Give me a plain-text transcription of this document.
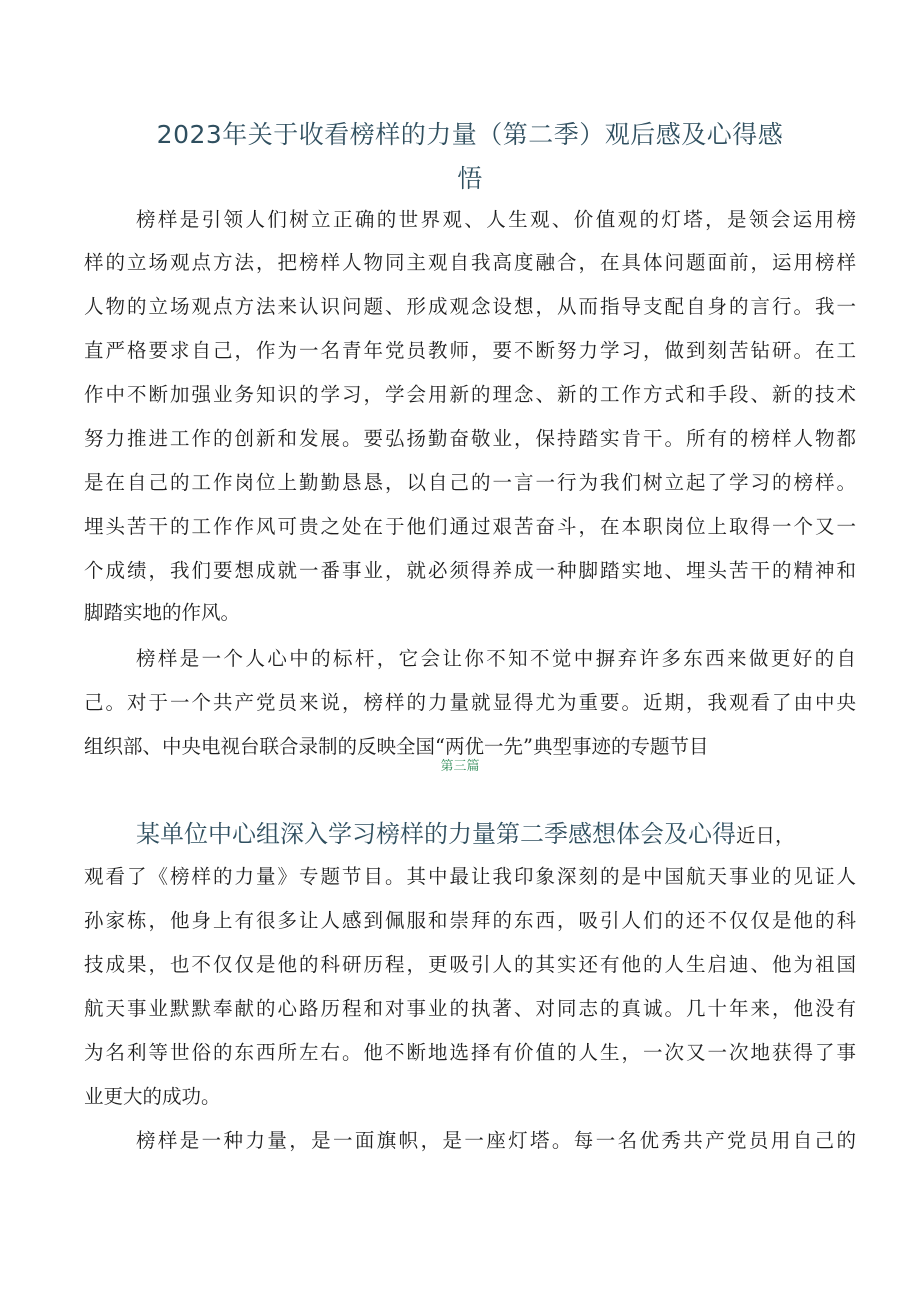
2023年关于收看榜样的力量（第二季）观后感及心得感
悟
榜样是引领人们树立正确的世界观、人生观、价值观的灯塔，是领会运用榜
样的立场观点方法，把榜样人物同主观自我高度融合，在具体问题面前，运用榜样
人物的立场观点方法来认识问题、形成观念设想，从而指导支配自身的言行。我一
直严格要求自己，作为一名青年党员教师，要不断努力学习，做到刻苦钻研。在工
作中不断加强业务知识的学习，学会用新的理念、新的工作方式和手段、新的技术
努力推进工作的创新和发展。要弘扬勤奋敬业，保持踏实肯干。所有的榜样人物都
是在自己的工作岗位上勤勤恳恳，以自己的一言一行为我们树立起了学习的榜样。
埋头苦干的工作作风可贵之处在于他们通过艰苦奋斗，在本职岗位上取得一个又一
个成绩，我们要想成就一番事业，就必须得养成一种脚踏实地、埋头苦干的精神和
脚踏实地的作风。
榜样是一个人心中的标杆，它会让你不知不觉中摒弃许多东西来做更好的自
己。对于一个共产党员来说，榜样的力量就显得尤为重要。近期，我观看了由中央
组织部、中央电视台联合录制的反映全国“两优一先”典型事迹的专题节目
第三篇
某单位中心组深入学习榜样的力量第二季感想体会及心得近日，
观看了《榜样的力量》专题节目。其中最让我印象深刻的是中国航天事业的见证人
孙家栋，他身上有很多让人感到佩服和崇拜的东西，吸引人们的还不仅仅是他的科
技成果，也不仅仅是他的科研历程，更吸引人的其实还有他的人生启迪、他为祖国
航天事业默默奉献的心路历程和对事业的执著、对同志的真诚。几十年来，他没有
为名利等世俗的东西所左右。他不断地选择有价值的人生，一次又一次地获得了事
业更大的成功。
榜样是一种力量，是一面旗帜，是一座灯塔。每一名优秀共产党员用自己的
